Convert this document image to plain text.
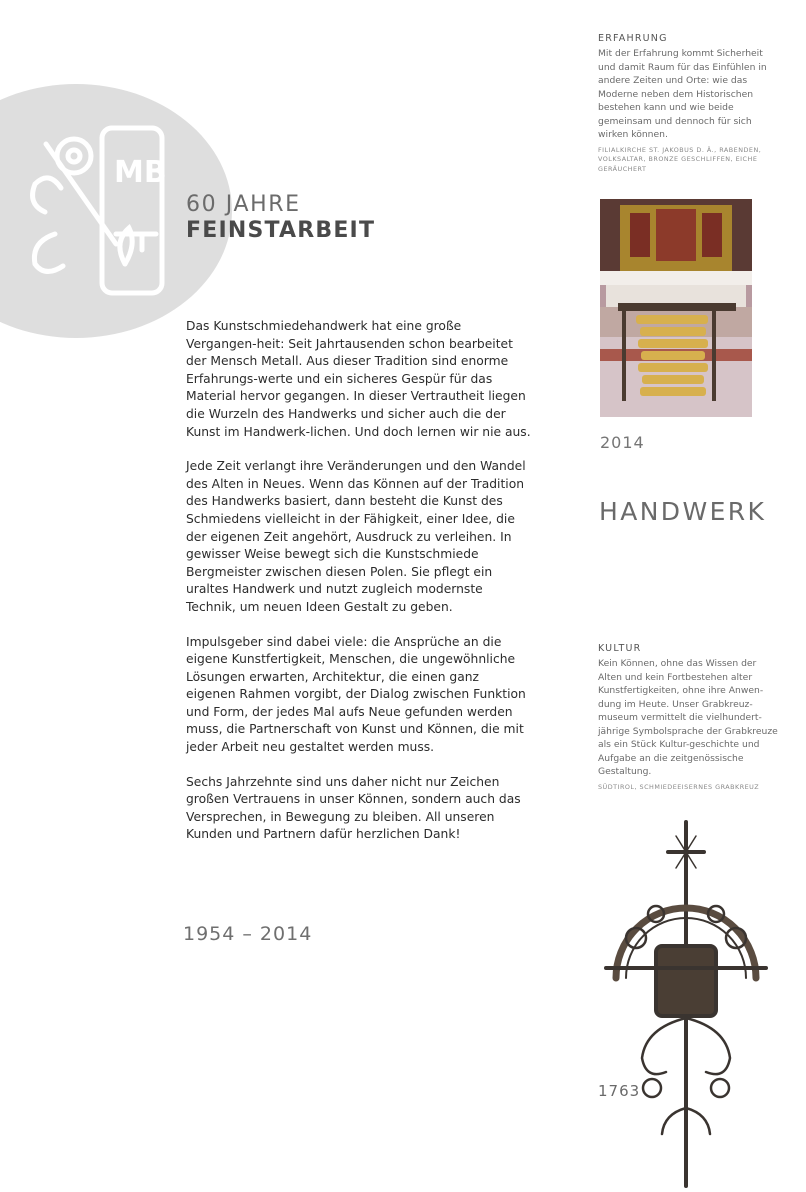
MB
60 JAHRE
FEINSTARBEIT

Das Kunstschmiedehandwerk hat eine große Vergangen-heit: Seit Jahrtausenden schon bearbeitet der Mensch Metall. Aus dieser Tradition sind enorme Erfahrungs-werte und ein sicheres Gespür für das Material hervor gegangen. In dieser Vertrautheit liegen die Wurzeln des Handwerks und sicher auch die der Kunst im Handwerk-lichen. Und doch lernen wir nie aus.

Jede Zeit verlangt ihre Veränderungen und den Wandel des Alten in Neues. Wenn das Können auf der Tradition des Handwerks basiert, dann besteht die Kunst des Schmiedens vielleicht in der Fähigkeit, einer Idee, die der eigenen Zeit angehört, Ausdruck zu verleihen. In gewisser Weise bewegt sich die Kunstschmiede Bergmeister zwischen diesen Polen. Sie pflegt ein uraltes Handwerk und nutzt zugleich modernste Technik, um neuen Ideen Gestalt zu geben.

Impulsgeber sind dabei viele: die Ansprüche an die eigene Kunstfertigkeit, Menschen, die ungewöhnliche Lösungen erwarten, Architektur, die einen ganz eigenen Rahmen vorgibt, der Dialog zwischen Funktion und Form, der jedes Mal aufs Neue gefunden werden muss, die Partnerschaft von Kunst und Können, die mit jeder Arbeit neu gestaltet werden muss.

Sechs Jahrzehnte sind uns daher nicht nur Zeichen großen Vertrauens in unser Können, sondern auch das Versprechen, in Bewegung zu bleiben. All unseren Kunden und Partnern dafür herzlichen Dank!

1954 – 2014
ERFAHRUNG
Mit der Erfahrung kommt Sicherheit und damit Raum für das Einfühlen in andere Zeiten und Orte: wie das Moderne neben dem Historischen bestehen kann und wie beide gemeinsam und dennoch für sich wirken können.
FILIALKIRCHE ST. JAKOBUS D. Ä., RABENDEN, VOLKSALTAR, BRONZE GESCHLIFFEN, EICHE GERÄUCHERT
2014
HANDWERK
KULTUR
Kein Können, ohne das Wissen der Alten und kein Fortbestehen alter Kunstfertigkeiten, ohne ihre Anwen-dung im Heute. Unser Grabkreuz-museum vermittelt die vielhundert-jährige Symbolsprache der Grabkreuze als ein Stück Kultur-geschichte und Aufgabe an die zeitgenössische Gestaltung.
SÜDTIROL, SCHMIEDEEISERNES GRABKREUZ
1763
